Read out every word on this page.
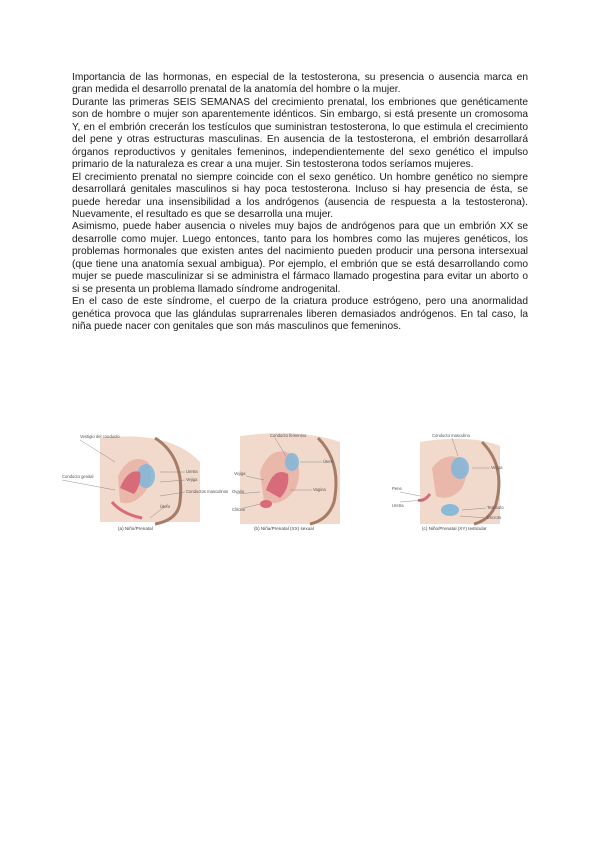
Importancia de las hormonas, en especial de la testosterona, su presencia o ausencia marca en gran medida el desarrollo prenatal de la anatomía del hombre o la mujer.

Durante las primeras SEIS SEMANAS del crecimiento prenatal, los embriones que genéticamente son de hombre o mujer son aparentemente idénticos. Sin embargo, si está presente un cromosoma Y, en el embrión crecerán los testículos que suministran testosterona, lo que estimula el crecimiento del pene y otras estructuras masculinas. En ausencia de la testosterona, el embrión desarrollará órganos reproductivos y genitales femeninos, independientemente del sexo genético el impulso primario de la naturaleza es crear a una mujer. Sin testosterona todos seríamos mujeres.

El crecimiento prenatal no siempre coincide con el sexo genético. Un hombre genético no siempre desarrollará genitales masculinos si hay poca testosterona. Incluso si hay presencia de ésta, se puede heredar una insensibilidad a los andrógenos (ausencia de respuesta a la testosterona). Nuevamente, el resultado es que se desarrolla una mujer.

Asimismo, puede haber ausencia o niveles muy bajos de andrógenos para que un embrión XX se desarrolle como mujer. Luego entonces, tanto para los hombres como las mujeres genéticos, los problemas hormonales que existen antes del nacimiento pueden producir una persona intersexual (que tiene una anatomía sexual ambigua). Por ejemplo, el embrión que se está desarrollando como mujer se puede masculinizar si se administra el fármaco llamado progestina para evitar un aborto o si se presenta un problema llamado síndrome androgenital.

En el caso de este síndrome, el cuerpo de la criatura produce estrógeno, pero una anormalidad genética provoca que las glándulas suprarrenales liberen demasiados andrógenos. En tal caso, la niña puede nacer con genitales que son más masculinos que femeninos.

Vestigio del conducto
Uretra
Vejiga
Conducto genital
Conductos masculinos
Útero
(a) Niño/Prenatal
Conducto femenino
Útero
Vejiga
Ovario	Vagina
Clítoris
(b) Niña/Prenatal (XX) sexual
Conducto masculino
Vejiga
Pene
Testículo
Uretra
Escroto
(c) Niño/Prenatal (XY) testicular
